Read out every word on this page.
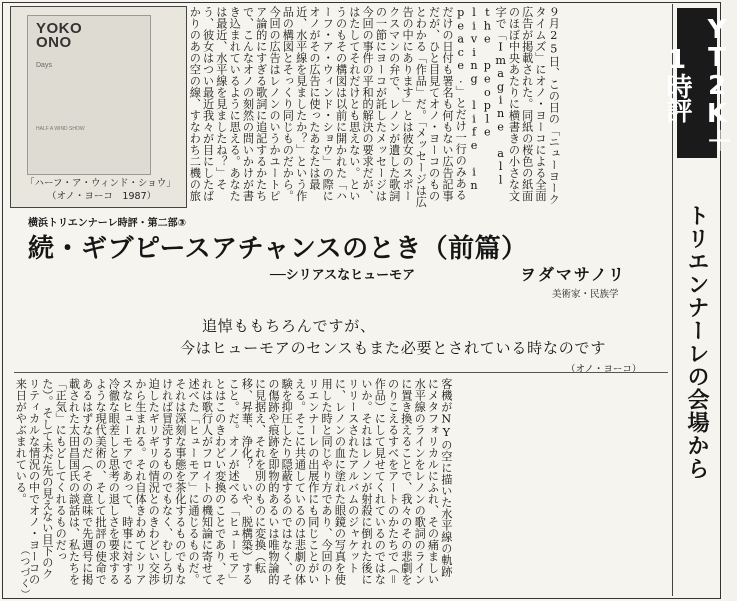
YOKO
ONO
Days
HALF A WIND SHOW
「ハーフ・ア・ウィンド・ショウ」
（オノ・ヨーコ　1987）	９月25日、この日の「ニューヨークタイムズ」にオノ・ヨーコによる全面広告が掲載された。同紙の桜色の紙面のほぼ中央あたりに横書きの小さな文字で「Imagine all the people living life in peace.」とだけ一行のみあるだけの日付も署名も何もない広告記事だが、ひと目見てオノ・ヨーコのものとわかる「作品」だ。「メッセージは広告の中にあります」とは彼女のスポークスマンの弁で、レノンが遺した歌詞の一節にヨーコが託したメッセージは今回の事件の平和的解決の要求だが、はたしてそれだけとも思えない。というのもその構図は以前に開かれた「ハーフ・ア・ウィンド・ショウ」の際にオノがその広告に使ったあなたは最近、水平線を見ましたか？」という作品の構図とそっくり同じものだから。今回の広告はレノンのいうかユートピア論的にすぎる歌詞に追記するかたちで、こんなオノの刻然の問いかけが書き込まれているように思える。あなたは最近、水平線を見ましたね？」そう、彼女はつい最近我々が目にしたばかりのあの空の線、すなわち二機の旅	YT2K＋1時評
トリエンナーレの会場から
横浜トリエンナーレ時評・第二部③
続・ギブピースアチャンスのとき（前篇）
──シリアスなヒューモア	ヲダマサノリ
美術家・民族学
追悼ももちろんですが、
今はヒューモアのセンスもまた必要とされている時なのです
（オノ・ヨーコ）

客機がNYの空に描いた水平線の軌跡にメタフォリカルにふれ、その痛ましい水平線のラインをレノンの歌詞のラインに置き換えることで、我々のその悲劇をのりこえるすべをアートのかたちで（＝作品）にして見せてくれているのではないか。それはレノンが射殺に倒れた後にリリースされたアルバムのジャケットに、レノンの血に塗れた眼鏡の写真を使用した時と同じやり方であり、今回のトリエンナーレの出展作にも同じことがいえる。そこに共通しているのは悲劇の体験を抑圧したり隠蔽するのではなく、その傷跡や痕跡を即物的あるいは唯物論的に見据え、それを別のものに変換（転移、昇華、浄化？　いや、脱構築）すること。だ。オノが述べる「ヒューモア」とはこのきわどい変換のことであり、それは歌行人がフロイトの機知論に寄せて述べた「ヒューモア」に通じるものだ。それは深刻な事態を茶化するものでもなければ冒涜するものでもなく、むしろ切迫したギリギリの情況とのきわどい交渉から生まれる。それ自体きわめてシリアスなヒューモアであって、時事に対する冷徹な眼差しと思考の退しさを要求するような現代美術の、そして批評の使命であるはずなのだ（その意味で先週号に掲載された太田昌国氏の談話は、私たちを「正気」にもどしてくれるものだった）。そして未だ先の見えない目下のクリティカルな情況の中でオノ・ヨーコの来日がやぶまれている。

（つづく）
